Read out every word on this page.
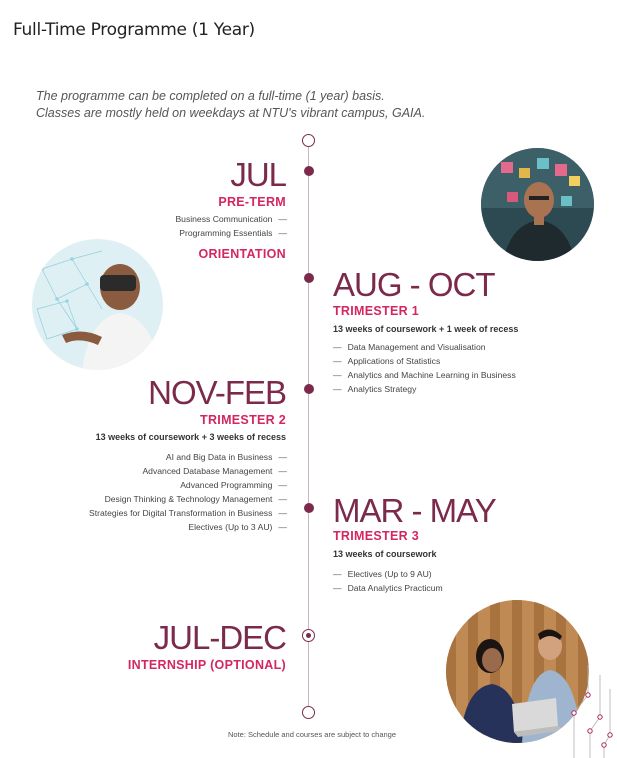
Full-Time Programme (1 Year)
The programme can be completed on a full-time (1 year) basis.
Classes are mostly held on weekdays at NTU's vibrant campus, GAIA.
JUL
PRE-TERM
Business Communication —
Programming Essentials —
ORIENTATION
AUG - OCT
TRIMESTER 1
13 weeks of coursework + 1 week of recess
— Data Management and Visualisation
— Applications of Statistics
— Analytics and Machine Learning in Business
— Analytics Strategy
NOV-FEB
TRIMESTER 2
13 weeks of coursework + 3 weeks of recess
AI and Big Data in Business —
Advanced Database Management —
Advanced Programming —
Design Thinking & Technology Management —
Strategies for Digital Transformation in Business —
Electives (Up to 3 AU) —	MAR - MAY
TRIMESTER 3
13 weeks of coursework
— Electives (Up to 9 AU)
— Data Analytics Practicum
JUL-DEC
INTERNSHIP (OPTIONAL)
Note: Schedule and courses are subject to change
